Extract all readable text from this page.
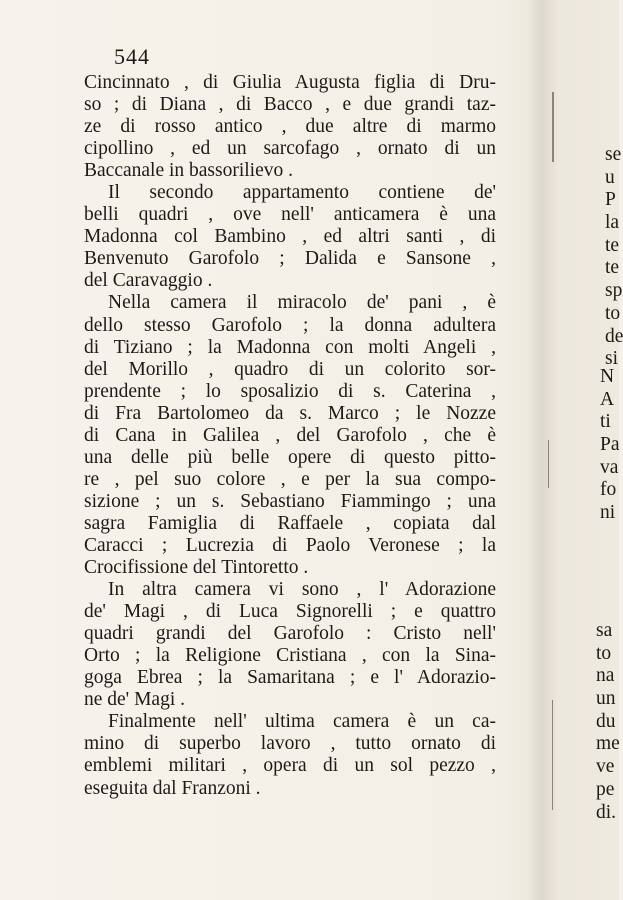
544
Cincinnato , di Giulia Augusta figlia di Dru-
so ; di Diana , di Bacco , e due grandi taz-
ze di rosso antico , due altre di marmo
cipollino , ed un sarcofago , ornato di un
Baccanale in bassorilievo .
Il secondo appartamento contiene de'
belli quadri , ove nell' anticamera è una
Madonna col Bambino , ed altri santi , di
Benvenuto Garofolo ; Dalida e Sansone ,
del Caravaggio .
Nella camera il miracolo de' pani , è
dello stesso Garofolo ; la donna adultera
di Tiziano ; la Madonna con molti Angeli ,
del Morillo , quadro di un colorito sor-
prendente ; lo sposalizio di s. Caterina ,
di Fra Bartolomeo da s. Marco ; le Nozze
di Cana in Galilea , del Garofolo , che è
una delle più belle opere di questo pitto-
re , pel suo colore , e per la sua compo-
sizione ; un s. Sebastiano Fiammingo ; una
sagra Famiglia di Raffaele , copiata dal
Caracci ; Lucrezia di Paolo Veronese ; la
Crocifissione del Tintoretto .
In altra camera vi sono , l' Adorazione
de' Magi , di Luca Signorelli ; e quattro
quadri grandi del Garofolo : Cristo nell'
Orto ; la Religione Cristiana , con la Sina-
goga Ebrea ; la Samaritana ; e l' Adorazio-
ne de' Magi .
Finalmente nell' ultima camera è un ca-
mino di superbo lavoro , tutto ornato di
emblemi militari , opera di un sol pezzo ,
eseguita dal Franzoni .
se
u
P
la
te
te
sp
to
de
si
N
A
ti
Pa
va
fo
ni
sa
to
na
un
du
me
ve
pe
di.
